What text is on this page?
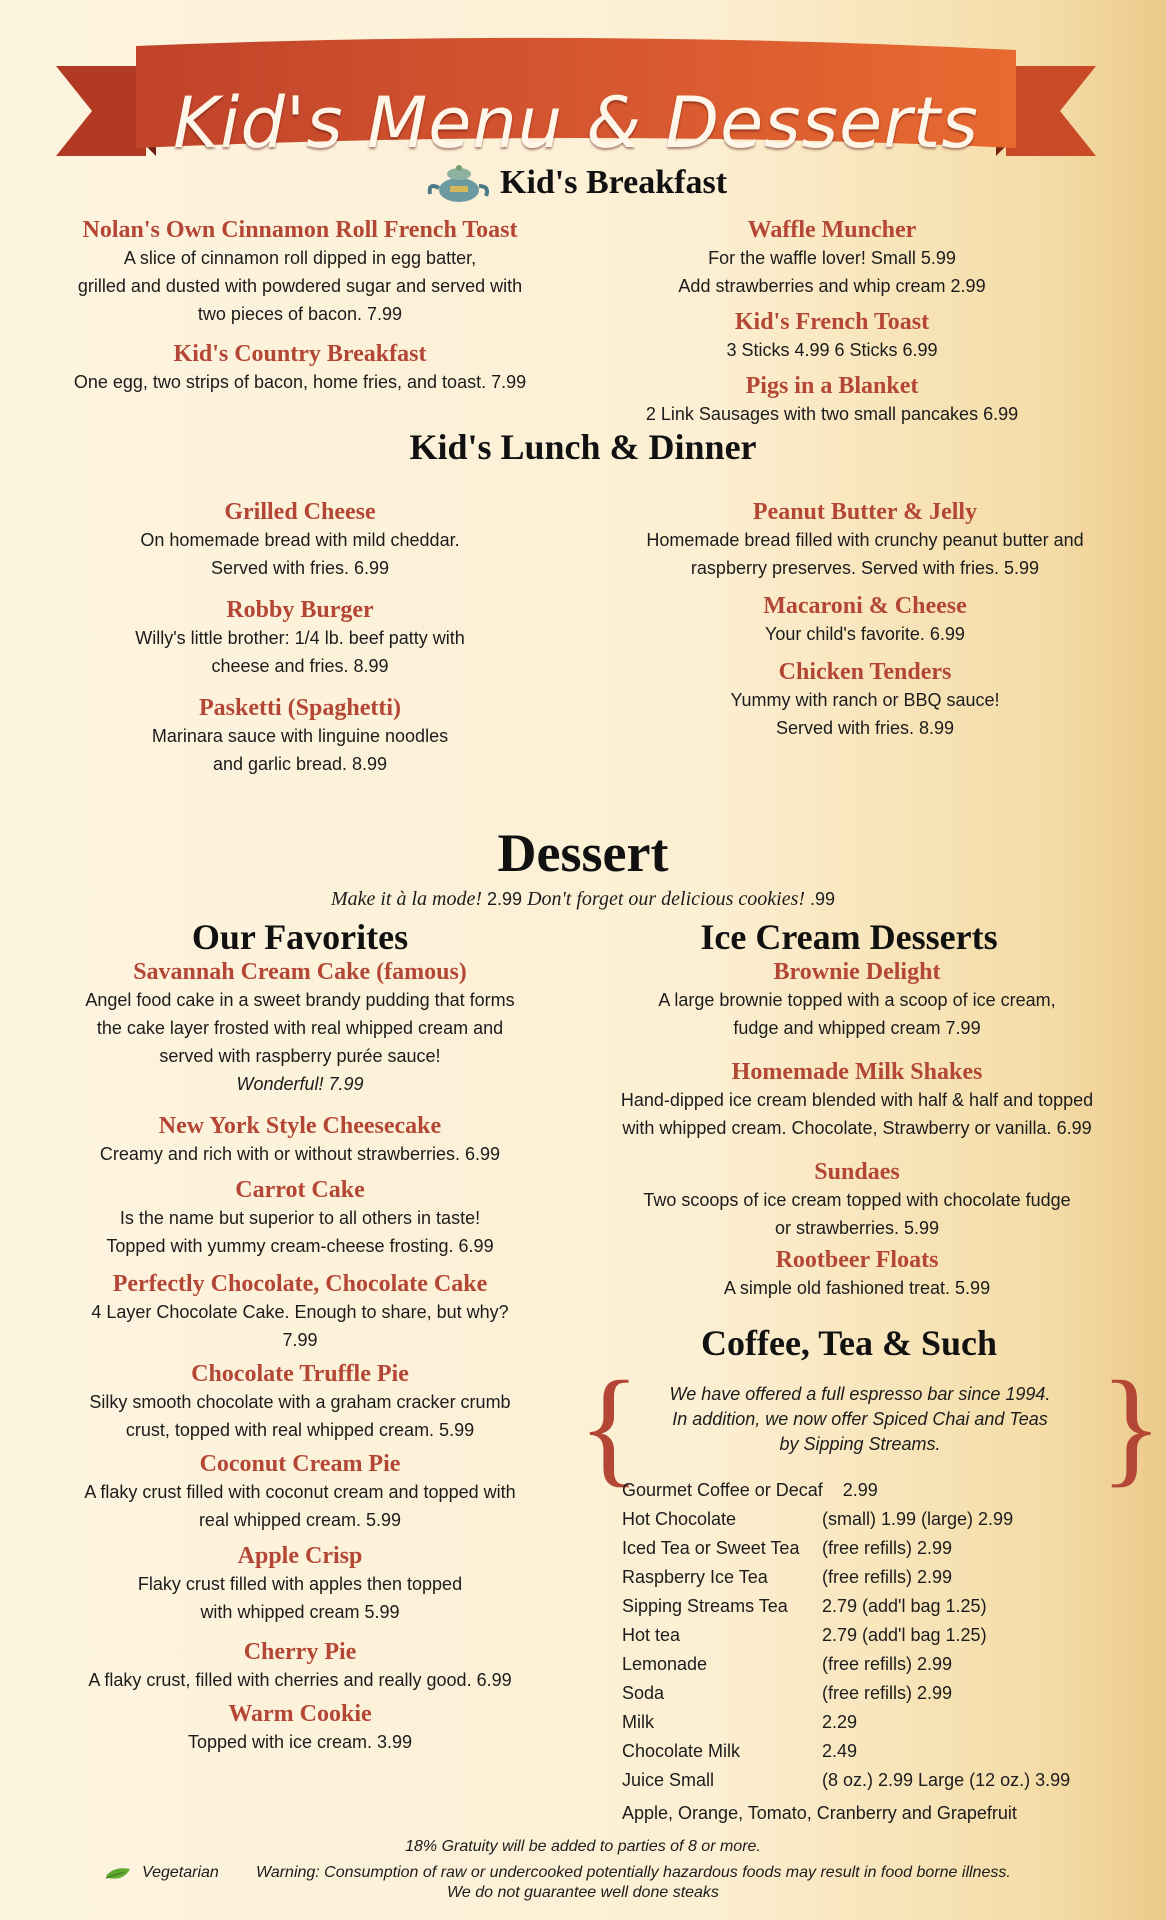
Kid's Menu & Desserts
Kid's Breakfast
Nolan's Own Cinnamon Roll French Toast
A slice of cinnamon roll dipped in egg batter,
grilled and dusted with powdered sugar and served with
two pieces of bacon. 7.99
Kid's Country Breakfast
One egg, two strips of bacon, home fries, and toast. 7.99
Waffle Muncher
For the waffle lover! Small 5.99
Add strawberries and whip cream 2.99
Kid's French Toast
3 Sticks 4.99 6 Sticks 6.99
Pigs in a Blanket
2 Link Sausages with two small pancakes 6.99
Kid's Lunch & Dinner
Grilled Cheese
On homemade bread with mild cheddar.
Served with fries. 6.99
Robby Burger
Willy's little brother: 1/4 lb. beef patty with
cheese and fries. 8.99
Pasketti (Spaghetti)
Marinara sauce with linguine noodles
and garlic bread. 8.99
Peanut Butter & Jelly
Homemade bread filled with crunchy peanut butter and
raspberry preserves. Served with fries. 5.99
Macaroni & Cheese
Your child's favorite. 6.99
Chicken Tenders
Yummy with ranch or BBQ sauce!
Served with fries. 8.99
Dessert
Make it à la mode! 2.99 Don't forget our delicious cookies! .99
Our Favorites
Savannah Cream Cake (famous)
Angel food cake in a sweet brandy pudding that forms
the cake layer frosted with real whipped cream and
served with raspberry purée sauce!
Wonderful! 7.99
New York Style Cheesecake
Creamy and rich with or without strawberries. 6.99
Carrot Cake
Is the name but superior to all others in taste!
Topped with yummy cream-cheese frosting. 6.99
Perfectly Chocolate, Chocolate Cake
4 Layer Chocolate Cake. Enough to share, but why?
7.99
Chocolate Truffle Pie
Silky smooth chocolate with a graham cracker crumb
crust, topped with real whipped cream. 5.99
Coconut Cream Pie
A flaky crust filled with coconut cream and topped with
real whipped cream. 5.99
Apple Crisp
Flaky crust filled with apples then topped
with whipped cream 5.99
Cherry Pie
A flaky crust, filled with cherries and really good. 6.99
Warm Cookie
Topped with ice cream. 3.99
Ice Cream Desserts
Brownie Delight
A large brownie topped with a scoop of ice cream,
fudge and whipped cream 7.99
Homemade Milk Shakes
Hand-dipped ice cream blended with half & half and topped
with whipped cream. Chocolate, Strawberry or vanilla. 6.99
Sundaes
Two scoops of ice cream topped with chocolate fudge
or strawberries. 5.99
Rootbeer Floats
A simple old fashioned treat. 5.99
Coffee, Tea & Such
{	}
We have offered a full espresso bar since 1994.
In addition, we now offer Spiced Chai and Teas
by Sipping Streams.
Gourmet Coffee or Decaf    2.99
Hot Chocolate	(small) 1.99 (large) 2.99
Iced Tea or Sweet Tea	(free refills) 2.99
Raspberry Ice Tea	(free refills) 2.99
Sipping Streams Tea	2.79 (add'l bag 1.25)
Hot tea	2.79 (add'l bag 1.25)
Lemonade	(free refills) 2.99
Soda	(free refills) 2.99
Milk	2.29
Chocolate Milk	2.49
Juice Small	(8 oz.) 2.99 Large (12 oz.) 3.99
Apple, Orange, Tomato, Cranberry and Grapefruit
18% Gratuity will be added to parties of 8 or more.
Vegetarian Warning: Consumption of raw or undercooked potentially hazardous foods may result in food borne illness.
We do not guarantee well done steaks
